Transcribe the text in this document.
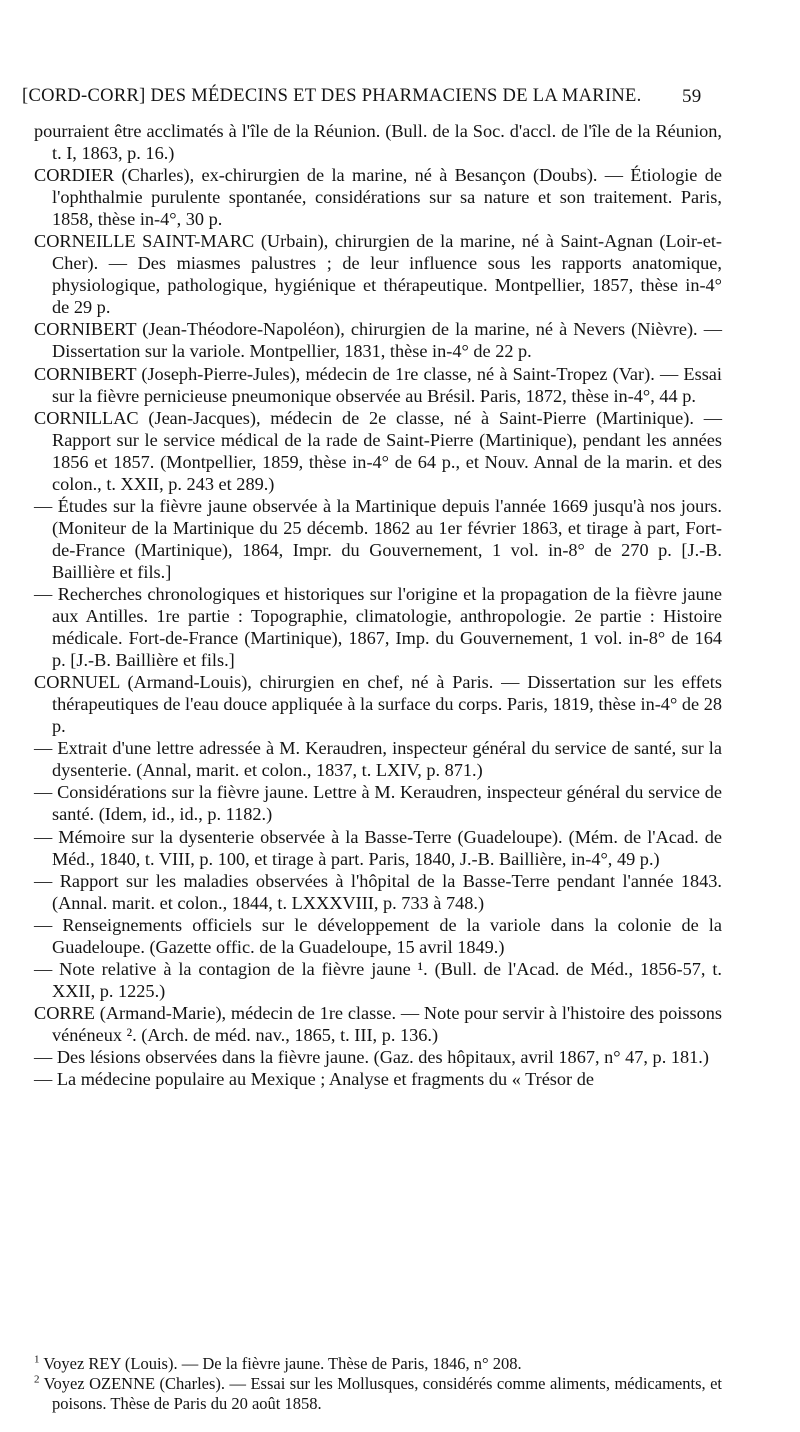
[CORD-CORR] DES MÉDECINS ET DES PHARMACIENS DE LA MARINE. 59

pourraient être acclimatés à l'île de la Réunion. (Bull. de la Soc. d'accl. de l'île de la Réunion, t. I, 1863, p. 16.)

CORDIER (Charles), ex-chirurgien de la marine, né à Besançon (Doubs). — Étiologie de l'ophthalmie purulente spontanée, considérations sur sa nature et son traitement. Paris, 1858, thèse in-4°, 30 p.

CORNEILLE SAINT-MARC (Urbain), chirurgien de la marine, né à Saint-Agnan (Loir-et-Cher). — Des miasmes palustres ; de leur influence sous les rapports anatomique, physiologique, pathologique, hygiénique et thérapeutique. Montpellier, 1857, thèse in-4° de 29 p.

CORNIBERT (Jean-Théodore-Napoléon), chirurgien de la marine, né à Nevers (Nièvre). — Dissertation sur la variole. Montpellier, 1831, thèse in-4° de 22 p.

CORNIBERT (Joseph-Pierre-Jules), médecin de 1re classe, né à Saint-Tropez (Var). — Essai sur la fièvre pernicieuse pneumonique observée au Brésil. Paris, 1872, thèse in-4°, 44 p.

CORNILLAC (Jean-Jacques), médecin de 2e classe, né à Saint-Pierre (Martinique). — Rapport sur le service médical de la rade de Saint-Pierre (Martinique), pendant les années 1856 et 1857. (Montpellier, 1859, thèse in-4° de 64 p., et Nouv. Annal de la marin. et des colon., t. XXII, p. 243 et 289.)

— Études sur la fièvre jaune observée à la Martinique depuis l'année 1669 jusqu'à nos jours. (Moniteur de la Martinique du 25 décemb. 1862 au 1er février 1863, et tirage à part, Fort-de-France (Martinique), 1864, Impr. du Gouvernement, 1 vol. in-8° de 270 p. [J.-B. Baillière et fils.]

— Recherches chronologiques et historiques sur l'origine et la propagation de la fièvre jaune aux Antilles. 1re partie : Topographie, climatologie, anthropologie. 2e partie : Histoire médicale. Fort-de-France (Martinique), 1867, Imp. du Gouvernement, 1 vol. in-8° de 164 p. [J.-B. Baillière et fils.]

CORNUEL (Armand-Louis), chirurgien en chef, né à Paris. — Dissertation sur les effets thérapeutiques de l'eau douce appliquée à la surface du corps. Paris, 1819, thèse in-4° de 28 p.

— Extrait d'une lettre adressée à M. Keraudren, inspecteur général du service de santé, sur la dysenterie. (Annal, marit. et colon., 1837, t. LXIV, p. 871.)

— Considérations sur la fièvre jaune. Lettre à M. Keraudren, inspecteur général du service de santé. (Idem, id., id., p. 1182.)

— Mémoire sur la dysenterie observée à la Basse-Terre (Guadeloupe). (Mém. de l'Acad. de Méd., 1840, t. VIII, p. 100, et tirage à part. Paris, 1840, J.-B. Baillière, in-4°, 49 p.)

— Rapport sur les maladies observées à l'hôpital de la Basse-Terre pendant l'année 1843. (Annal. marit. et colon., 1844, t. LXXXVIII, p. 733 à 748.)

— Renseignements officiels sur le développement de la variole dans la colonie de la Guadeloupe. (Gazette offic. de la Guadeloupe, 15 avril 1849.)

— Note relative à la contagion de la fièvre jaune ¹. (Bull. de l'Acad. de Méd., 1856-57, t. XXII, p. 1225.)

CORRE (Armand-Marie), médecin de 1re classe. — Note pour servir à l'histoire des poissons vénéneux ². (Arch. de méd. nav., 1865, t. III, p. 136.)

— Des lésions observées dans la fièvre jaune. (Gaz. des hôpitaux, avril 1867, n° 47, p. 181.)

— La médecine populaire au Mexique ; Analyse et fragments du « Trésor de

$^1$ Voyez REY (Louis). — De la fièvre jaune. Thèse de Paris, 1846, n° 208.

$^2$ Voyez OZENNE (Charles). — Essai sur les Mollusques, considérés comme aliments, médicaments, et poisons. Thèse de Paris du 20 août 1858.
